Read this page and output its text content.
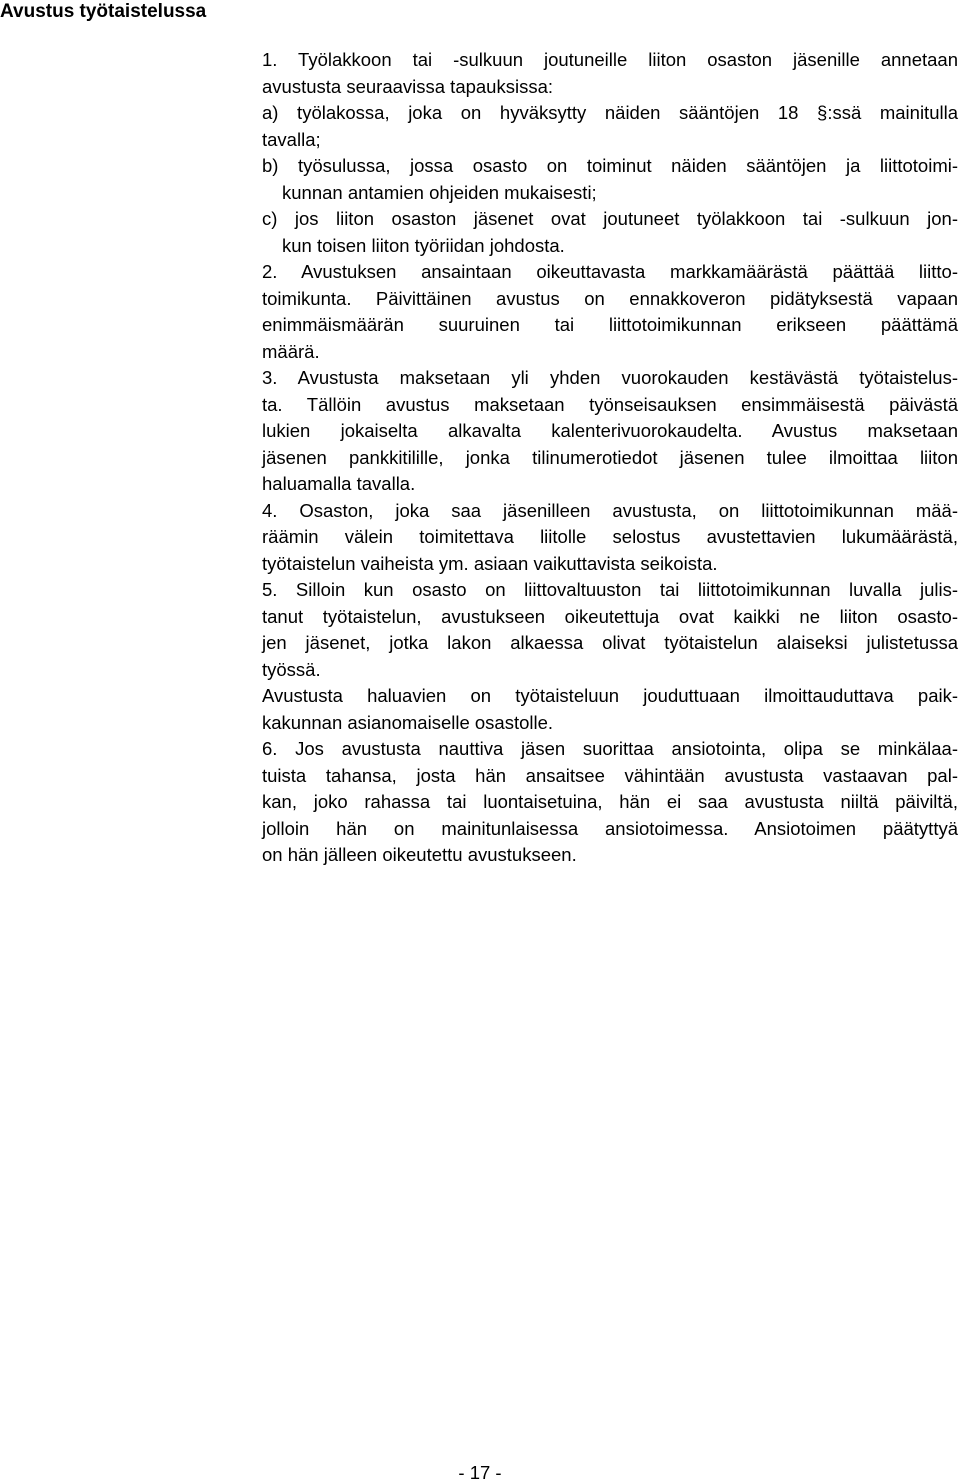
Avustus työtaistelussa
1. Työlakkoon tai -sulkuun joutuneille liiton osaston jäsenille annetaan
avustusta seuraavissa tapauksissa:
a) työlakossa, joka on hyväksytty näiden sääntöjen 18 §:ssä mainitulla
tavalla;
b) työsulussa, jossa osasto on toiminut näiden sääntöjen ja liittotoimi-
kunnan antamien ohjeiden mukaisesti;
c) jos liiton osaston jäsenet ovat joutuneet työlakkoon tai -sulkuun jon-
kun toisen liiton työriidan johdosta.
2. Avustuksen ansaintaan oikeuttavasta markkamäärästä päättää liitto-
toimikunta. Päivittäinen avustus on ennakkoveron pidätyksestä vapaan
enimmäismäärän suuruinen tai liittotoimikunnan erikseen päättämä
määrä.
3. Avustusta maksetaan yli yhden vuorokauden kestävästä työtaistelus-
ta. Tällöin avustus maksetaan työnseisauksen ensimmäisestä päivästä
lukien jokaiselta alkavalta kalenterivuorokaudelta. Avustus maksetaan
jäsenen pankkitilille, jonka tilinumerotiedot jäsenen tulee ilmoittaa liiton
haluamalla tavalla.
4. Osaston, joka saa jäsenilleen avustusta, on liittotoimikunnan mää-
räämin välein toimitettava liitolle selostus avustettavien lukumäärästä,
työtaistelun vaiheista ym. asiaan vaikuttavista seikoista.
5. Silloin kun osasto on liittovaltuuston tai liittotoimikunnan luvalla julis-
tanut työtaistelun, avustukseen oikeutettuja ovat kaikki ne liiton osasto-
jen jäsenet, jotka lakon alkaessa olivat työtaistelun alaiseksi julistetussa
työssä.
Avustusta haluavien on työtaisteluun jouduttuaan ilmoittauduttava paik-
kakunnan asianomaiselle osastolle.
6. Jos avustusta nauttiva jäsen suorittaa ansiotointa, olipa se minkälaa-
tuista tahansa, josta hän ansaitsee vähintään avustusta vastaavan pal-
kan, joko rahassa tai luontaisetuina, hän ei saa avustusta niiltä päiviltä,
jolloin hän on mainitunlaisessa ansiotoimessa. Ansiotoimen päätyttyä
on hän jälleen oikeutettu avustukseen.
- 17 -
